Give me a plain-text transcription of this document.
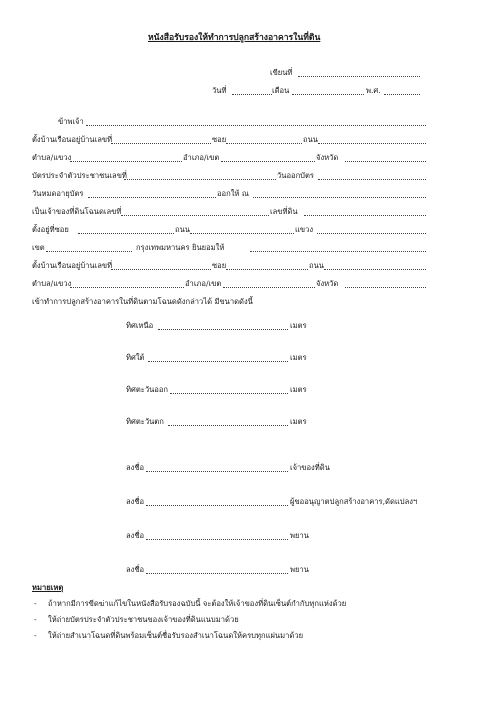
หนังสือรับรองให้ทำการปลูกสร้างอาคารในที่ดิน
เขียนที่
วันที่	เดือน	พ.ศ.
ข้าพเจ้า
ตั้งบ้านเรือนอยู่บ้านเลขที่	ซอย	ถนน
ตำบล/แขวง	อำเภอ/เขต	จังหวัด
บัตรประจำตัวประชาชนเลขที่	วันออกบัตร
วันหมดอายุบัตร	ออกให้ ณ
เป็นเจ้าของที่ดินโฉนดเลขที่	เลขที่ดิน
ตั้งอยู่ที่ซอย	ถนน	แขวง
เขต	กรุงเทพมหานคร ยินยอมให้
ตั้งบ้านเรือนอยู่บ้านเลขที่	ซอย	ถนน
ตำบล/แขวง	อำเภอ/เขต	จังหวัด
เข้าทำการปลูกสร้างอาคารในที่ดินตามโฉนดดังกล่าวได้ มีขนาดดังนี้
ทิศเหนือ	เมตร
ทิศใต้	เมตร
ทิศตะวันออก	เมตร
ทิศตะวันตก	เมตร
ลงชื่อ	เจ้าของที่ดิน
ลงชื่อ	ผู้ขออนุญาตปลูกสร้างอาคาร,ดัดแปลงฯ
ลงชื่อ	พยาน
ลงชื่อ	พยาน
หมายเหตุ
- ถ้าหากมีการขีดฆ่าแก้ไขในหนังสือรับรองฉบับนี้ จะต้องให้เจ้าของที่ดินเซ็นต์กำกับทุกแห่งด้วย
- ให้ถ่ายบัตรประจำตัวประชาชนของเจ้าของที่ดินแนบมาด้วย
- ให้ถ่ายสำเนาโฉนดที่ดินพร้อมเซ็นต์ชื่อรับรองสำเนาโฉนดให้ครบทุกแผ่นมาด้วย
